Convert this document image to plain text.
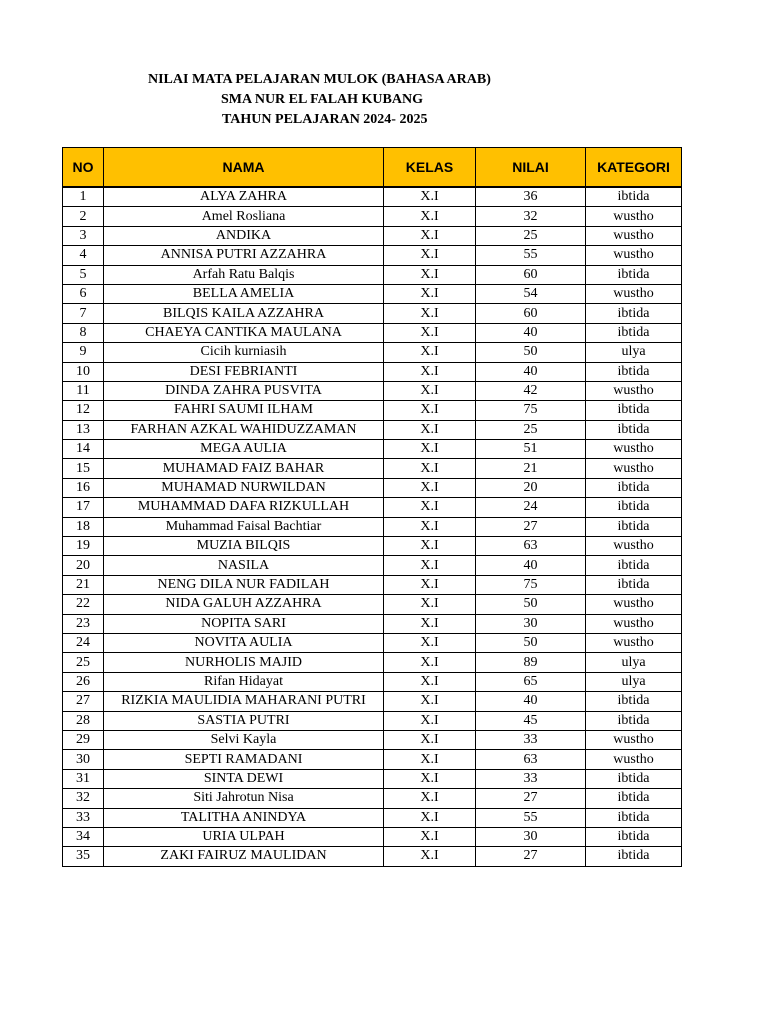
NILAI MATA PELAJARAN MULOK (BAHASA ARAB)
SMA NUR EL FALAH KUBANG
TAHUN PELAJARAN 2024- 2025
NO	NAMA	KELAS	NILAI	KATEGORI
1	ALYA ZAHRA	X.I	36	ibtida
2	Amel Rosliana	X.I	32	wustho
3	ANDIKA	X.I	25	wustho
4	ANNISA PUTRI AZZAHRA	X.I	55	wustho
5	Arfah Ratu Balqis	X.I	60	ibtida
6	BELLA AMELIA	X.I	54	wustho
7	BILQIS KAILA AZZAHRA	X.I	60	ibtida
8	CHAEYA CANTIKA MAULANA	X.I	40	ibtida
9	Cicih kurniasih	X.I	50	ulya
10	DESI FEBRIANTI	X.I	40	ibtida
11	DINDA ZAHRA PUSVITA	X.I	42	wustho
12	FAHRI SAUMI ILHAM	X.I	75	ibtida
13	FARHAN AZKAL WAHIDUZZAMAN	X.I	25	ibtida
14	MEGA AULIA	X.I	51	wustho
15	MUHAMAD FAIZ BAHAR	X.I	21	wustho
16	MUHAMAD NURWILDAN	X.I	20	ibtida
17	MUHAMMAD DAFA RIZKULLAH	X.I	24	ibtida
18	Muhammad Faisal Bachtiar	X.I	27	ibtida
19	MUZIA BILQIS	X.I	63	wustho
20	NASILA	X.I	40	ibtida
21	NENG DILA NUR FADILAH	X.I	75	ibtida
22	NIDA GALUH AZZAHRA	X.I	50	wustho
23	NOPITA SARI	X.I	30	wustho
24	NOVITA AULIA	X.I	50	wustho
25	NURHOLIS MAJID	X.I	89	ulya
26	Rifan Hidayat	X.I	65	ulya
27	RIZKIA MAULIDIA MAHARANI PUTRI	X.I	40	ibtida
28	SASTIA PUTRI	X.I	45	ibtida
29	Selvi Kayla	X.I	33	wustho
30	SEPTI RAMADANI	X.I	63	wustho
31	SINTA DEWI	X.I	33	ibtida
32	Siti Jahrotun Nisa	X.I	27	ibtida
33	TALITHA ANINDYA	X.I	55	ibtida
34	URIA ULPAH	X.I	30	ibtida
35	ZAKI FAIRUZ MAULIDAN	X.I	27	ibtida
